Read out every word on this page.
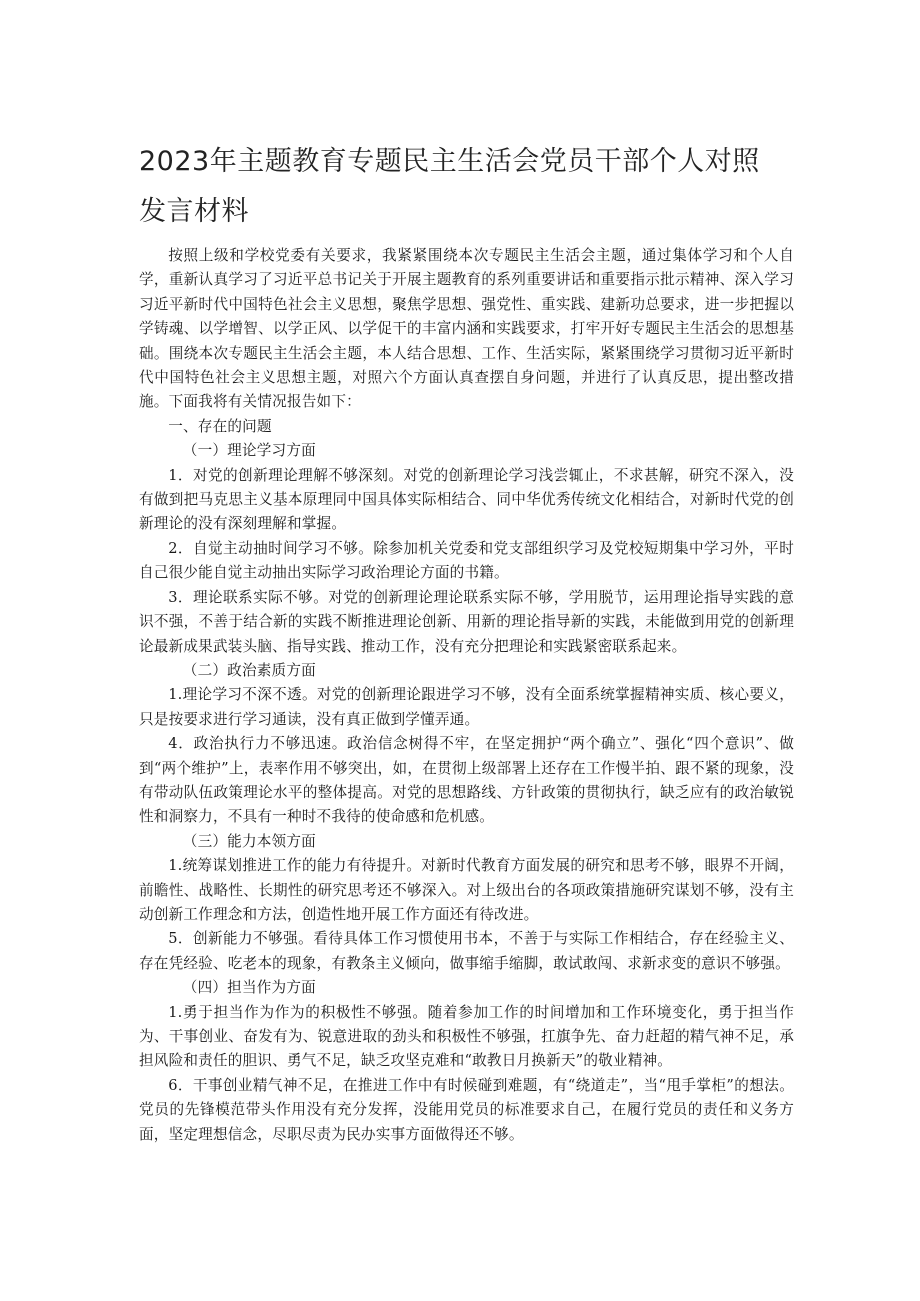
2023年主题教育专题民主生活会党员干部个人对照
发言材料

按照上级和学校党委有关要求，我紧紧围绕本次专题民主生活会主题，通过集体学习和个人自学，重新认真学习了习近平总书记关于开展主题教育的系列重要讲话和重要指示批示精神、深入学习习近平新时代中国特色社会主义思想，聚焦学思想、强党性、重实践、建新功总要求，进一步把握以学铸魂、以学增智、以学正风、以学促干的丰富内涵和实践要求，打牢开好专题民主生活会的思想基础。围绕本次专题民主生活会主题，本人结合思想、工作、生活实际，紧紧围绕学习贯彻习近平新时代中国特色社会主义思想主题，对照六个方面认真查摆自身问题，并进行了认真反思，提出整改措施。下面我将有关情况报告如下：

一、存在的问题

（一）理论学习方面

1．对党的创新理论理解不够深刻。对党的创新理论学习浅尝辄止，不求甚解，研究不深入，没有做到把马克思主义基本原理同中国具体实际相结合、同中华优秀传统文化相结合，对新时代党的创新理论的没有深刻理解和掌握。

2．自觉主动抽时间学习不够。除参加机关党委和党支部组织学习及党校短期集中学习外，平时自己很少能自觉主动抽出实际学习政治理论方面的书籍。

3．理论联系实际不够。对党的创新理论理论联系实际不够，学用脱节，运用理论指导实践的意识不强，不善于结合新的实践不断推进理论创新、用新的理论指导新的实践，未能做到用党的创新理论最新成果武装头脑、指导实践、推动工作，没有充分把理论和实践紧密联系起来。

（二）政治素质方面

1.理论学习不深不透。对党的创新理论跟进学习不够，没有全面系统掌握精神实质、核心要义，只是按要求进行学习通读，没有真正做到学懂弄通。

4．政治执行力不够迅速。政治信念树得不牢，在坚定拥护“两个确立”、强化“四个意识”、做到“两个维护”上，表率作用不够突出，如，在贯彻上级部署上还存在工作慢半拍、跟不紧的现象，没有带动队伍政策理论水平的整体提高。对党的思想路线、方针政策的贯彻执行，缺乏应有的政治敏锐性和洞察力，不具有一种时不我待的使命感和危机感。

（三）能力本领方面

1.统筹谋划推进工作的能力有待提升。对新时代教育方面发展的研究和思考不够，眼界不开阔，前瞻性、战略性、长期性的研究思考还不够深入。对上级出台的各项政策措施研究谋划不够，没有主动创新工作理念和方法，创造性地开展工作方面还有待改进。

5．创新能力不够强。看待具体工作习惯使用书本，不善于与实际工作相结合，存在经验主义、存在凭经验、吃老本的现象，有教条主义倾向，做事缩手缩脚，敢试敢闯、求新求变的意识不够强。

（四）担当作为方面

1.勇于担当作为作为的积极性不够强。随着参加工作的时间增加和工作环境变化，勇于担当作为、干事创业、奋发有为、锐意进取的劲头和积极性不够强，扛旗争先、奋力赶超的精气神不足，承担风险和责任的胆识、勇气不足，缺乏攻坚克难和“敢教日月换新天”的敬业精神。

6．干事创业精气神不足，在推进工作中有时候碰到难题，有“绕道走”，当“甩手掌柜”的想法。党员的先锋模范带头作用没有充分发挥，没能用党员的标准要求自己，在履行党员的责任和义务方面，坚定理想信念，尽职尽责为民办实事方面做得还不够。
